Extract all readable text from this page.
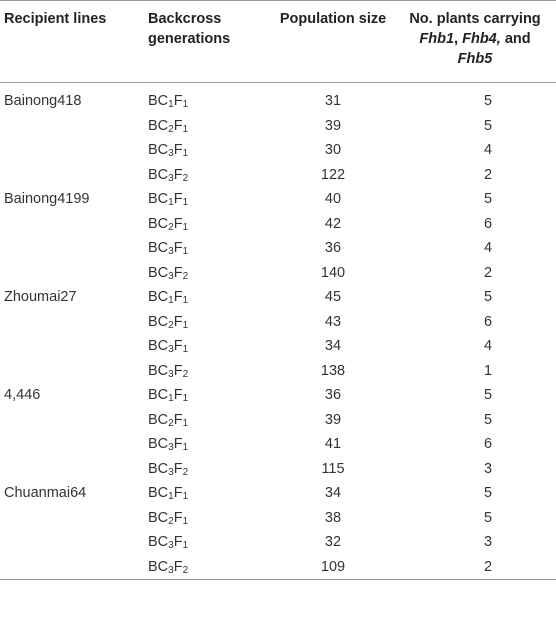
Recipient lines	Backcross generations	Population size	No. plants carrying
Fhb1, Fhb4, and
Fhb5
Bainong418	$BC_1F_1$	31	5
	$BC_2F_1$	39	5
	$BC_3F_1$	30	4
	$BC_3F_2$	122	2
Bainong4199	$BC_1F_1$	40	5
	$BC_2F_1$	42	6
	$BC_3F_1$	36	4
	$BC_3F_2$	140	2
Zhoumai27	$BC_1F_1$	45	5
	$BC_2F_1$	43	6
	$BC_3F_1$	34	4
	$BC_3F_2$	138	1
4,446	$BC_1F_1$	36	5
	$BC_2F_1$	39	5
	$BC_3F_1$	41	6
	$BC_3F_2$	115	3
Chuanmai64	$BC_1F_1$	34	5
	$BC_2F_1$	38	5
	$BC_3F_1$	32	3
	$BC_3F_2$	109	2
